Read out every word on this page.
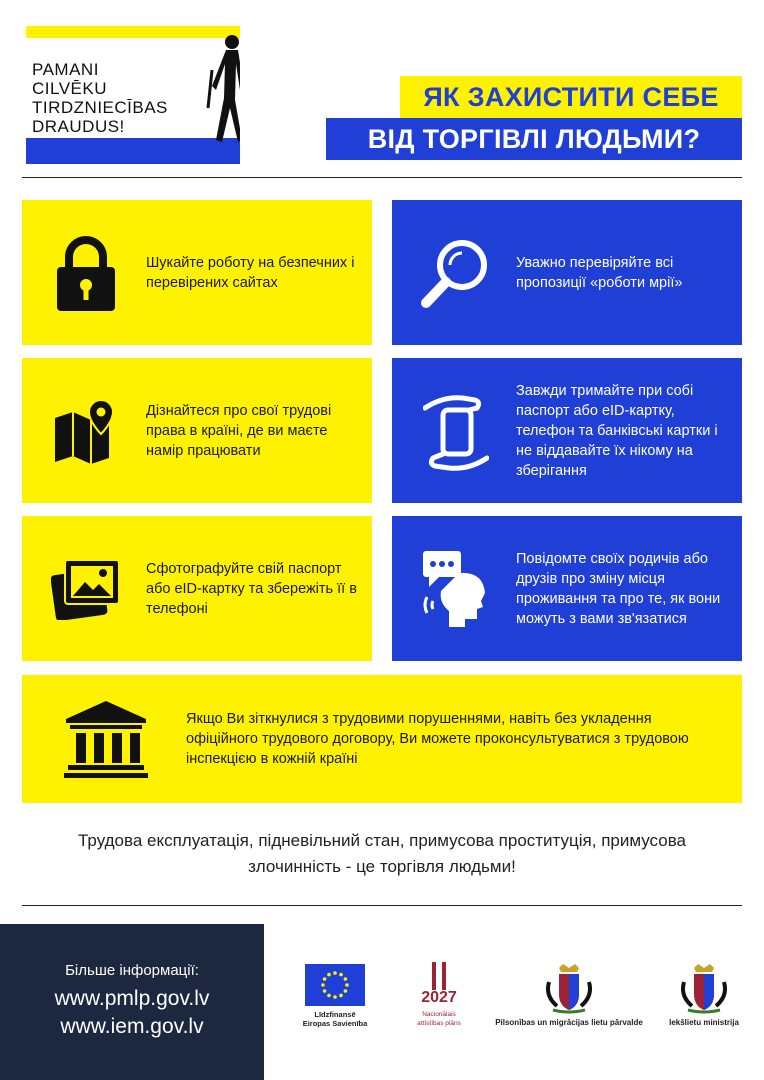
PAMANI
CILVĒKU
TIRDZNIECĪBAS
DRAUDUS!
ЯК ЗАХИСТИТИ СЕБЕ
ВІД ТОРГІВЛІ ЛЮДЬМИ?
Шукайте роботу на безпечних і перевірених сайтах
Уважно перевіряйте всі пропозиції «роботи мрії»
Дізнайтеся про свої трудові права в країні, де ви маєте намір працювати
Завжди тримайте при собі паспорт або eID-картку, телефон та банківські картки і не віддавайте їх нікому на зберігання
Сфотографуйте свій паспорт або eID-картку та збережіть її в телефоні
Повідомте своїх родичів або друзів про зміну місця проживання та про те, як вони можуть з вами зв'язатися
Якщо Ви зіткнулися з трудовими порушеннями, навіть без укладення офіційного трудового договору, Ви можете проконсультуватися з трудовою інспекцією в кожній країні
Трудова експлуатація, підневільний стан, примусова проституція, примусова
злочинність - це торгівля людьми!
Більше інформації:
www.pmlp.gov.lv
www.iem.gov.lv
Līdzfinansē
Eiropas Savienība
2027
Nacionālais
attīstības plāns	Pilsonības un migrācijas lietu pārvalde	Iekšlietu ministrija
